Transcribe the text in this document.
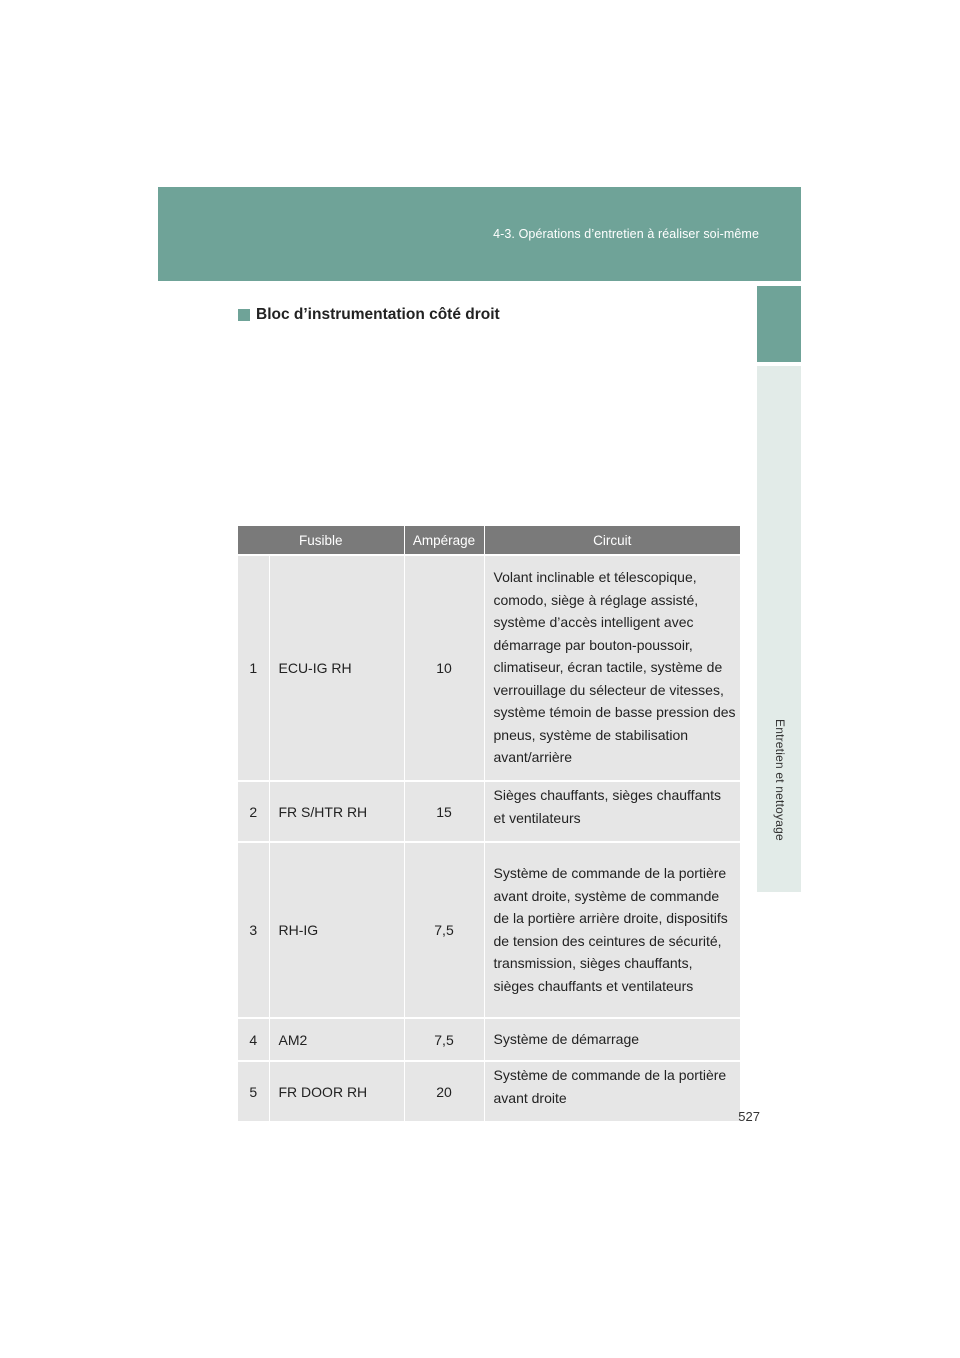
4-3. Opérations d’entretien à réaliser soi-même
Entretien et nettoyage
Bloc d’instrumentation côté droit
Fusible		Ampérage	Circuit
1	ECU-IG RH	10	Volant inclinable et télescopique, comodo, siège à réglage assisté, système d’accès intelligent avec démarrage par bouton-poussoir, climatiseur, écran tactile, système de verrouillage du sélecteur de vitesses, système témoin de basse pression des pneus, système de stabilisation avant/arrière
2	FR S/HTR RH	15	Sièges chauffants, sièges chauffants et ventilateurs
3	RH-IG	7,5	Système de commande de la portière avant droite, système de commande de la portière arrière droite, dispositifs de tension des ceintures de sécurité, transmission, sièges chauffants, sièges chauffants et ventilateurs
4	AM2	7,5	Système de démarrage
5	FR DOOR RH	20	Système de commande de la portière avant droite
527
